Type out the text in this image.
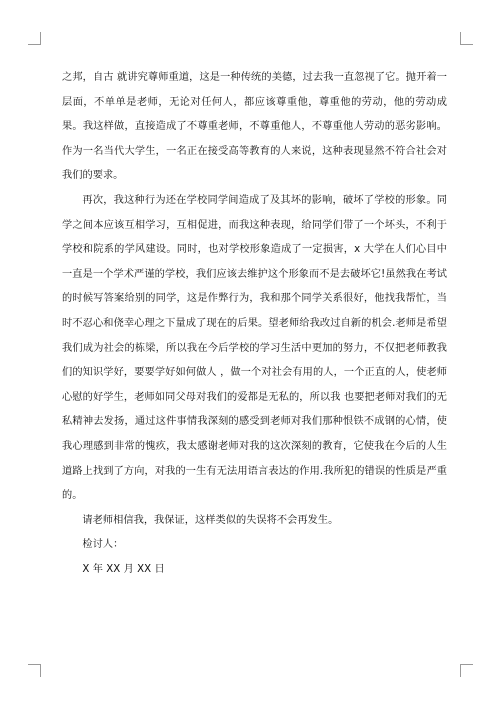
之邦，自古 就讲究尊师重道，这是一种传统的美德，过去我一直忽视了它。抛开着一层面，不单单是老师，无论对任何人，都应该尊重他，尊重他的劳动，他的劳动成果。我这样做，直接造成了不尊重老师，不尊重他人，不尊重他人劳动的恶劣影响。作为一名当代大学生，一名正在接受高等教育的人来说，这种表现显然不符合社会对我们的要求。

再次，我这种行为还在学校同学间造成了及其坏的影响，破坏了学校的形象。同学之间本应该互相学习，互相促进，而我这种表现，给同学们带了一个坏头，不利于学校和院系的学风建设。同时，也对学校形象造成了一定损害，x 大学在人们心目中一直是一个学术严谨的学校，我们应该去维护这个形象而不是去破坏它!虽然我在考试的时候写答案给别的同学，这是作弊行为，我和那个同学关系很好，他找我帮忙，当时不忍心和侥幸心理之下量成了现在的后果。望老师给我改过自新的机会.老师是希望我们成为社会的栋梁，所以我在今后学校的学习生活中更加的努力，不仅把老师教我们的知识学好，要要学好如何做人 ，做一个对社会有用的人，一个正直的人，使老师心慰的好学生，老师如同父母对我们的爱都是无私的，所以我 也要把老师对我们的无私精神去发扬，通过这件事情我深刻的感受到老师对我们那种恨铁不成钢的心情，使我心理感到非常的愧疚，我太感谢老师对我的这次深刻的教育，它使我在今后的人生道路上找到了方向，对我的一生有无法用语言表达的作用.我所犯的错误的性质是严重的。

请老师相信我，我保证，这样类似的失误将不会再发生。

检讨人：

X 年 XX 月 XX 日
